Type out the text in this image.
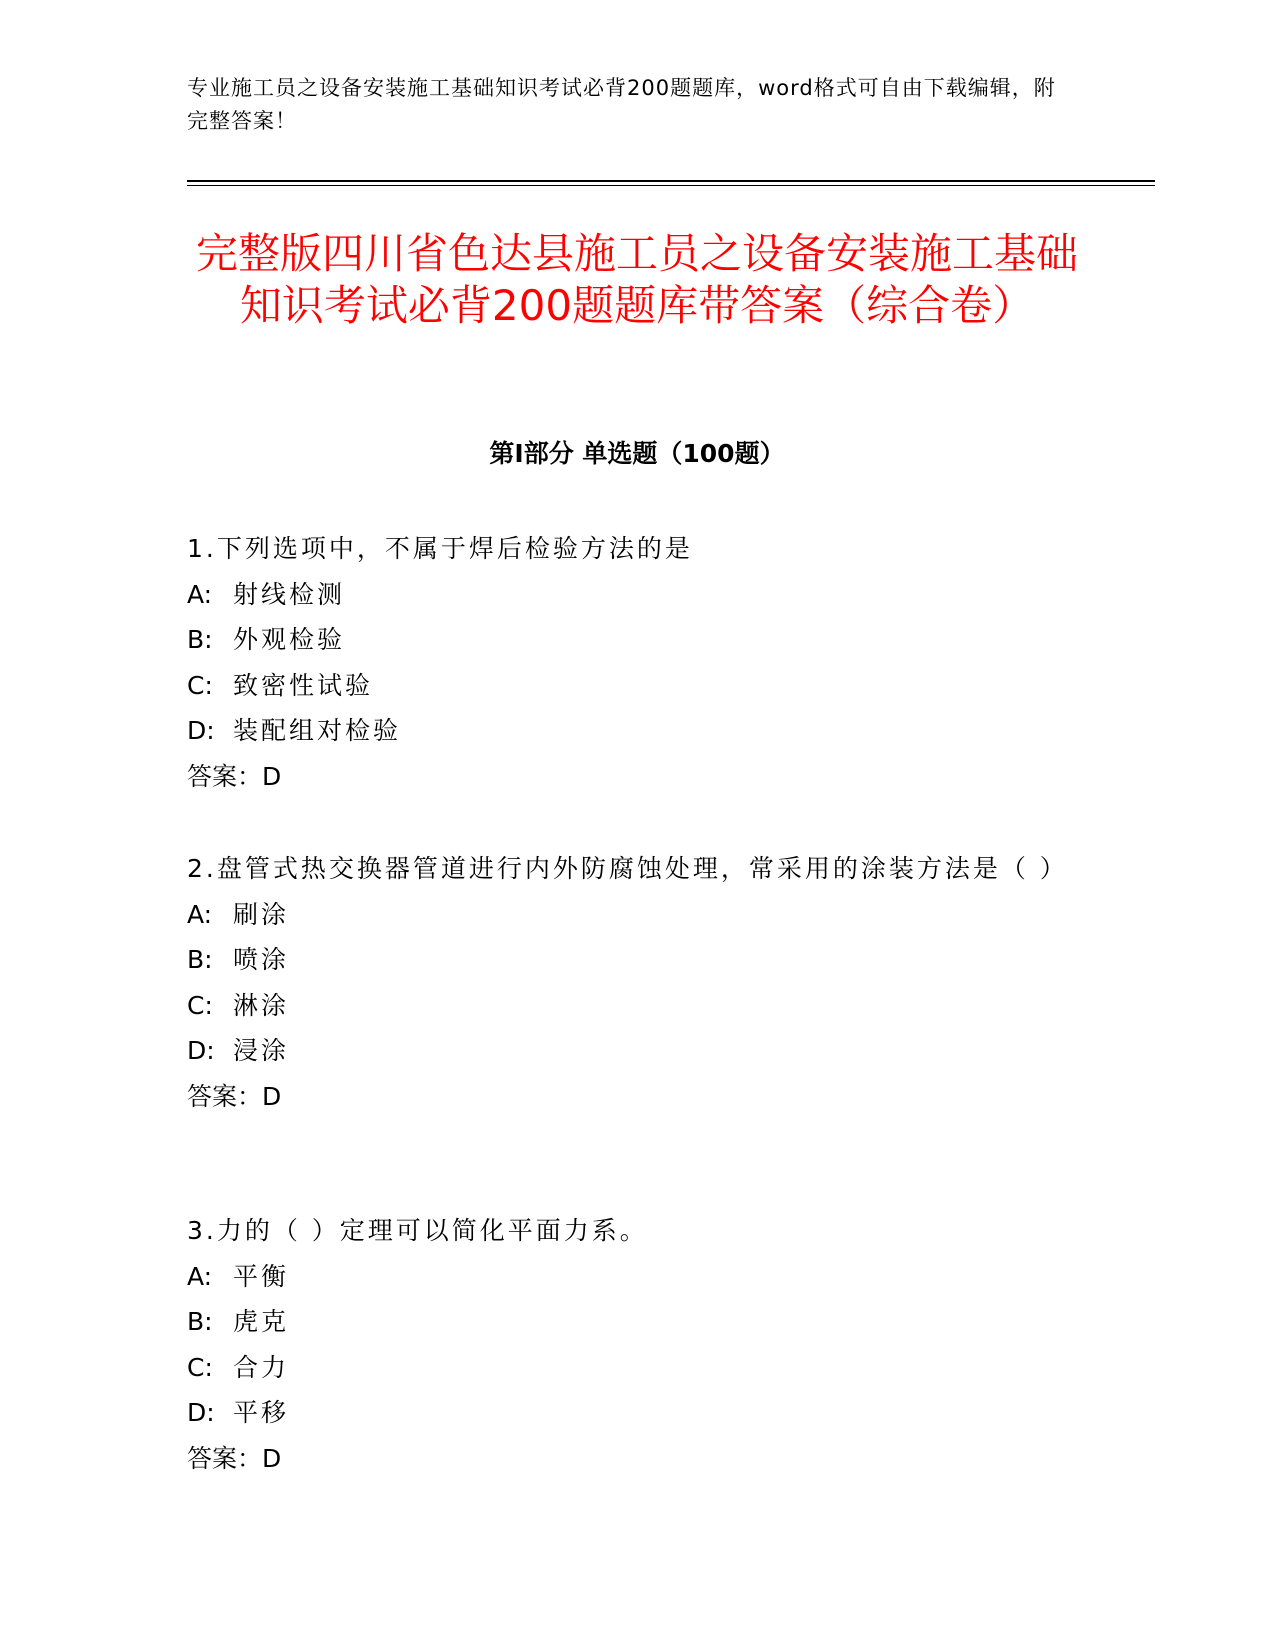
专业施工员之设备安装施工基础知识考试必背200题题库，word格式可自由下载编辑，附完整答案！
完整版四川省色达县施工员之设备安装施工基础知识考试必背200题题库带答案（综合卷）
第Ⅰ部分 单选题（100题）
1.下列选项中，不属于焊后检验方法的是
A: 射线检测
B: 外观检验
C: 致密性试验
D: 装配组对检验
答案：D
2.盘管式热交换器管道进行内外防腐蚀处理，常采用的涂装方法是（ ）
A: 刷涂
B: 喷涂
C: 淋涂
D: 浸涂
答案：D
3.力的（ ）定理可以简化平面力系。
A: 平衡
B: 虎克
C: 合力
D: 平移
答案：D
